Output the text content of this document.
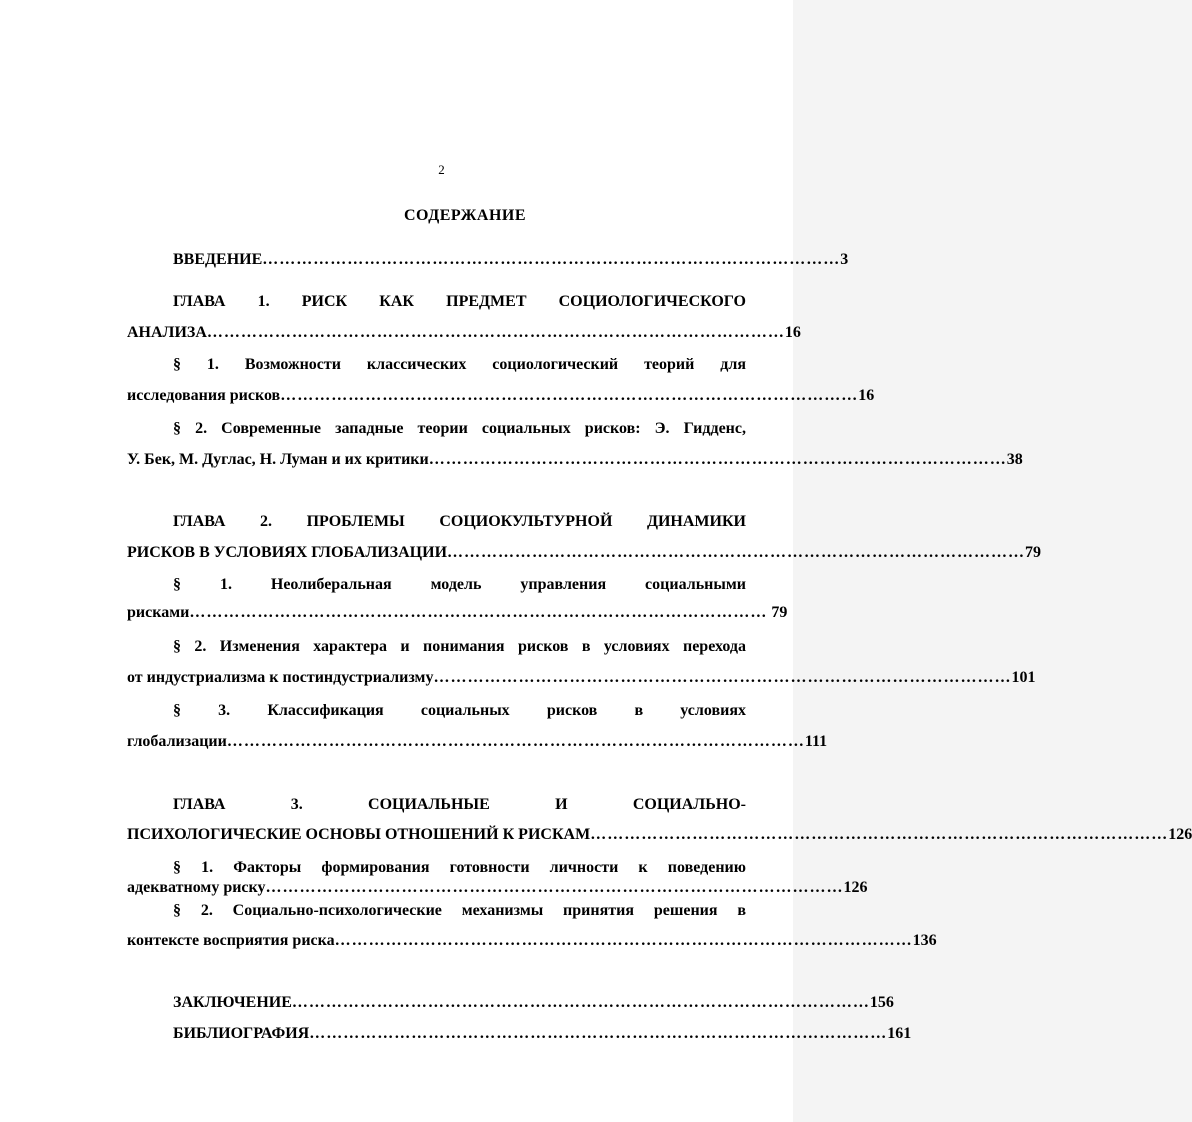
2
СОДЕРЖАНИЕ
ВВЕДЕНИЕ ………………………………………………………………………………………… 3
ГЛАВА 1. РИСК КАК ПРЕДМЕТ СОЦИОЛОГИЧЕСКОГО
АНАЛИЗА ………………………………………………………………………………………… 16
§ 1. Возможности классических социологический теорий для
исследования рисков ………………………………………………………………………………………… 16
§ 2. Современные западные теории социальных рисков: Э. Гидденс,
У. Бек, М. Дуглас, Н. Луман и их критики ………………………………………………………………………………………… 38
ГЛАВА 2. ПРОБЛЕМЫ СОЦИОКУЛЬТУРНОЙ ДИНАМИКИ
РИСКОВ В УСЛОВИЯХ ГЛОБАЛИЗАЦИИ ………………………………………………………………………………………… 79
§ 1. Неолиберальная модель управления социальными
рисками ………………………………………………………………………………………… 79
§ 2. Изменения характера и понимания рисков в условиях перехода
от индустриализма к постиндустриализму ………………………………………………………………………………………… 101
§ 3. Классификация социальных рисков в условиях
глобализации ………………………………………………………………………………………… 111
ГЛАВА 3. СОЦИАЛЬНЫЕ И СОЦИАЛЬНО-
ПСИХОЛОГИЧЕСКИЕ ОСНОВЫ ОТНОШЕНИЙ К РИСКАМ ………………………………………………………………………………………… 126
§ 1. Факторы формирования готовности личности к поведению
адекватному риску ………………………………………………………………………………………… 126
§ 2. Социально-психологические механизмы принятия решения в
контексте восприятия риска ………………………………………………………………………………………… 136
ЗАКЛЮЧЕНИЕ ………………………………………………………………………………………… 156
БИБЛИОГРАФИЯ ………………………………………………………………………………………… 161
